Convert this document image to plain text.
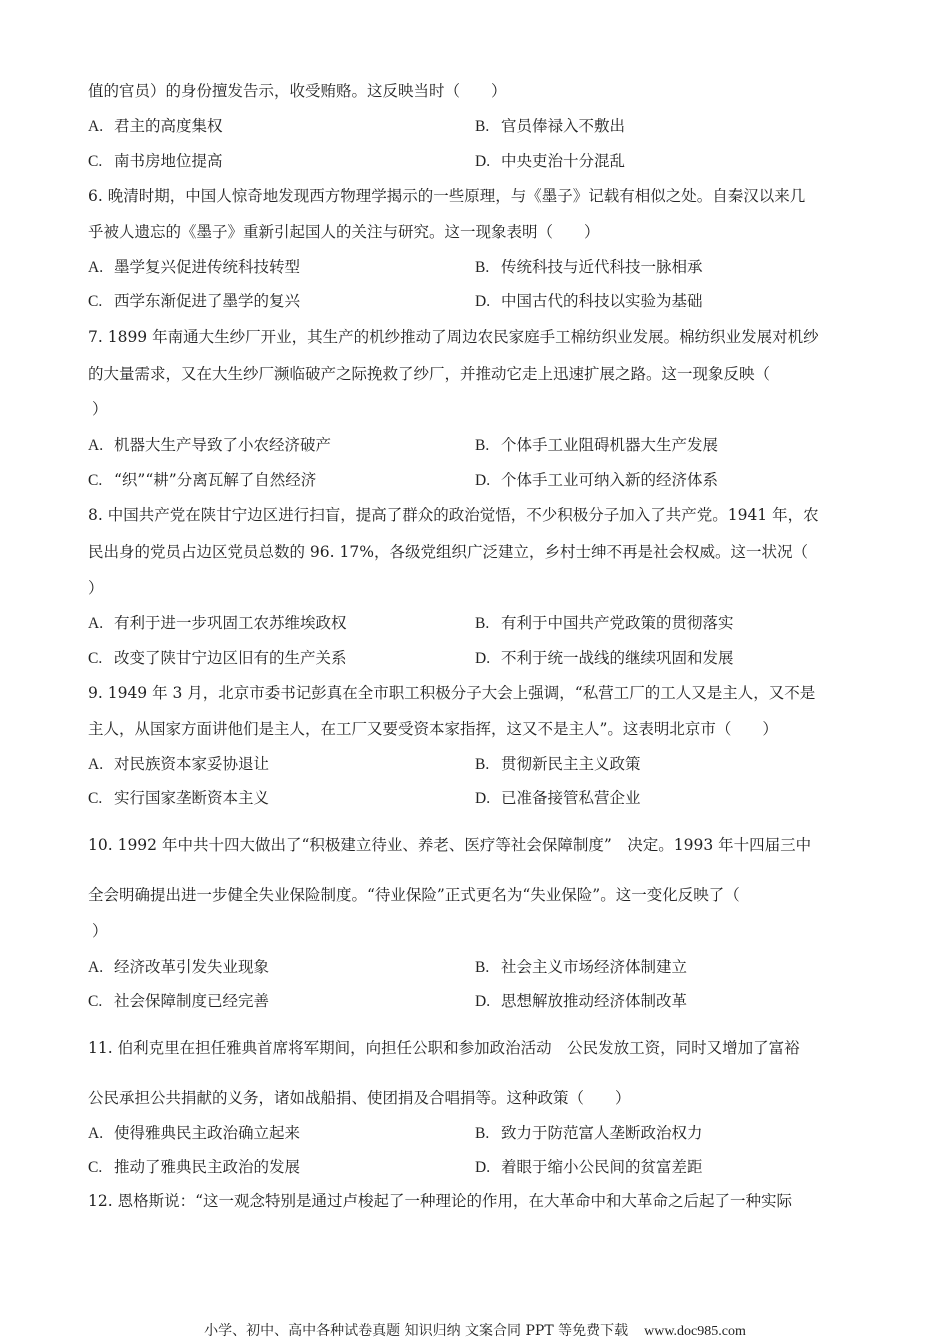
值的官员）的身份擅发告示，收受贿赂。这反映当时（　　）
A. 君主的高度集权	B. 官员俸禄入不敷出
C. 南书房地位提高	D. 中央吏治十分混乱
6. 晚清时期，中国人惊奇地发现西方物理学揭示的一些原理，与《墨子》记载有相似之处。自秦汉以来几
乎被人遗忘的《墨子》重新引起国人的关注与研究。这一现象表明（　　）
A. 墨学复兴促进传统科技转型	B. 传统科技与近代科技一脉相承
C. 西学东渐促进了墨学的复兴	D. 中国古代的科技以实验为基础
7. 1899 年南通大生纱厂开业，其生产的机纱推动了周边农民家庭手工棉纺织业发展。棉纺织业发展对机纱
的大量需求，又在大生纱厂濒临破产之际挽救了纱厂，并推动它走上迅速扩展之路。这一现象反映（
）
A. 机器大生产导致了小农经济破产	B. 个体手工业阻碍机器大生产发展
C. “织”“耕”分离瓦解了自然经济	D. 个体手工业可纳入新的经济体系
8. 中国共产党在陕甘宁边区进行扫盲，提高了群众的政治觉悟，不少积极分子加入了共产党。1941 年，农
民出身的党员占边区党员总数的 96. 17%，各级党组织广泛建立，乡村士绅不再是社会权威。这一状况（
）
A. 有利于进一步巩固工农苏维埃政权	B. 有利于中国共产党政策的贯彻落实
C. 改变了陕甘宁边区旧有的生产关系	D. 不利于统一战线的继续巩固和发展
9. 1949 年 3 月，北京市委书记彭真在全市职工积极分子大会上强调，“私营工厂的工人又是主人，又不是
主人，从国家方面讲他们是主人，在工厂又要受资本家指挥，这又不是主人”。这表明北京市（　　）
A. 对民族资本家妥协退让	B. 贯彻新民主主义政策
C. 实行国家垄断资本主义	D. 已准备接管私营企业
10. 1992 年中共十四大做出了“积极建立待业、养老、医疗等社会保障制度”　决定。1993 年十四届三中
全会明确提出进一步健全失业保险制度。“待业保险”正式更名为“失业保险”。这一变化反映了（
）
A. 经济改革引发失业现象	B. 社会主义市场经济体制建立
C. 社会保障制度已经完善	D. 思想解放推动经济体制改革
11. 伯利克里在担任雅典首席将军期间，向担任公职和参加政治活动　公民发放工资，同时又增加了富裕
公民承担公共捐献的义务，诸如战船捐、使团捐及合唱捐等。这种政策（　　）
A. 使得雅典民主政治确立起来	B. 致力于防范富人垄断政治权力
C. 推动了雅典民主政治的发展	D. 着眼于缩小公民间的贫富差距
12. 恩格斯说：“这一观念特别是通过卢梭起了一种理论的作用，在大革命中和大革命之后起了一种实际
小学、初中、高中各种试卷真题 知识归纳 文案合同 PPT 等免费下载 www.doc985.com
